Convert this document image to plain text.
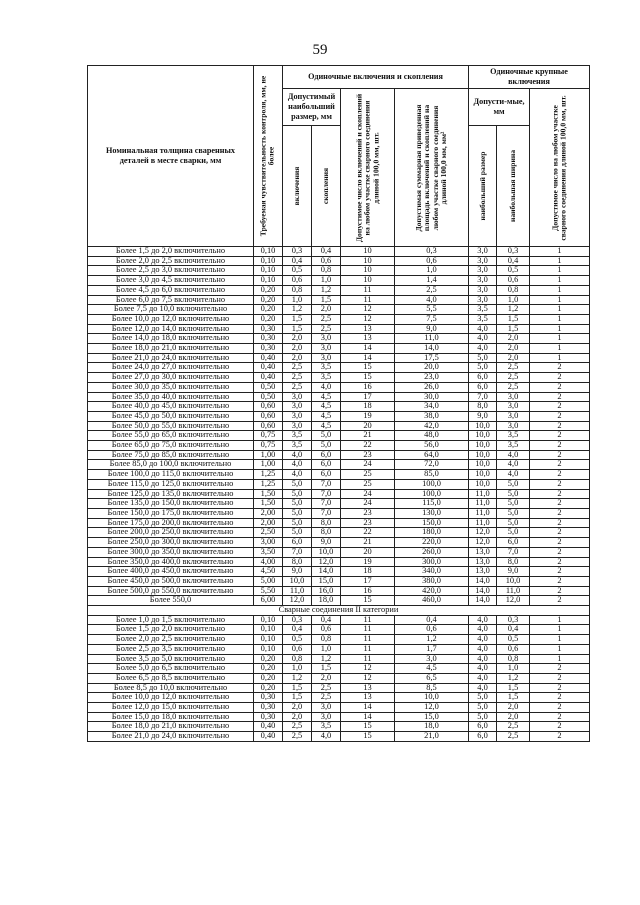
59
Номинальная толщина сваренных деталей в месте сварки, мм	Требуемая чувствительность контроля, мм, не более	Одиночные включения и скопления				Одиночные крупные включения		
		Допустимый наибольший размер, мм		Допустимое число включений и скоплений на любом участке сварного соединения длиной 100,0 мм, шт.	Допустимая суммарная приведенная площадь включений и скоплений на любом участке сварного соединения длиной 100,0 мм, мм²	Допусти-мые, мм		Допустимое число на любом участке сварного соединения длиной 100,0 мм, шт.

		включения	скопления			наибольший размер	наибольшая ширина	

Более 1,5 до 2,0 включительно	0,10	0,3	0,4	10	0,3	3,0	0,3	1
Более 2,0 до 2,5 включительно	0,10	0,4	0,6	10	0,6	3,0	0,4	1
Более 2,5 до 3,0 включительно	0,10	0,5	0,8	10	1,0	3,0	0,5	1
Более 3,0 до 4,5 включительно	0,10	0,6	1,0	10	1,4	3,0	0,6	1
Более 4,5 до 6,0 включительно	0,20	0,8	1,2	11	2,5	3,0	0,8	1
Более 6,0 до 7,5 включительно	0,20	1,0	1,5	11	4,0	3,0	1,0	1
Более 7,5 до 10,0 включительно	0,20	1,2	2,0	12	5,5	3,5	1,2	1
Более 10,0 до 12,0 включительно	0,20	1,5	2,5	12	7,5	3,5	1,5	1
Более 12,0 до 14,0 включительно	0,30	1,5	2,5	13	9,0	4,0	1,5	1
Более 14,0 до 18,0 включительно	0,30	2,0	3,0	13	11,0	4,0	2,0	1
Более 18,0 до 21,0 включительно	0,30	2,0	3,0	14	14,0	4,0	2,0	1
Более 21,0 до 24,0 включительно	0,40	2,0	3,0	14	17,5	5,0	2,0	1
Более 24,0 до 27,0 включительно	0,40	2,5	3,5	15	20,0	5,0	2,5	2
Более 27,0 до 30,0 включительно	0,40	2,5	3,5	15	23,0	6,0	2,5	2
Более 30,0 до 35,0 включительно	0,50	2,5	4,0	16	26,0	6,0	2,5	2
Более 35,0 до 40,0 включительно	0,50	3,0	4,5	17	30,0	7,0	3,0	2
Более 40,0 до 45,0 включительно	0,60	3,0	4,5	18	34,0	8,0	3,0	2
Более 45,0 до 50,0 включительно	0,60	3,0	4,5	19	38,0	9,0	3,0	2
Более 50,0 до 55,0 включительно	0,60	3,0	4,5	20	42,0	10,0	3,0	2
Более 55,0 до 65,0 включительно	0,75	3,5	5,0	21	48,0	10,0	3,5	2
Более 65,0 до 75,0 включительно	0,75	3,5	5,0	22	56,0	10,0	3,5	2
Более 75,0 до 85,0 включительно	1,00	4,0	6,0	23	64,0	10,0	4,0	2
Более 85,0 до 100,0 включительно	1,00	4,0	6,0	24	72,0	10,0	4,0	2
Более 100,0 до 115,0 включительно	1,25	4,0	6,0	25	85,0	10,0	4,0	2
Более 115,0 до 125,0 включительно	1,25	5,0	7,0	25	100,0	10,0	5,0	2
Более 125,0 до 135,0 включительно	1,50	5,0	7,0	24	100,0	11,0	5,0	2
Более 135,0 до 150,0 включительно	1,50	5,0	7,0	24	115,0	11,0	5,0	2
Более 150,0 до 175,0 включительно	2,00	5,0	7,0	23	130,0	11,0	5,0	2
Более 175,0 до 200,0 включительно	2,00	5,0	8,0	23	150,0	11,0	5,0	2
Более 200,0 до 250,0 включительно	2,50	5,0	8,0	22	180,0	12,0	5,0	2
Более 250,0 до 300,0 включительно	3,00	6,0	9,0	21	220,0	12,0	6,0	2
Более 300,0 до 350,0 включительно	3,50	7,0	10,0	20	260,0	13,0	7,0	2
Более 350,0 до 400,0 включительно	4,00	8,0	12,0	19	300,0	13,0	8,0	2
Более 400,0 до 450,0 включительно	4,50	9,0	14,0	18	340,0	13,0	9,0	2
Более 450,0 до 500,0 включительно	5,00	10,0	15,0	17	380,0	14,0	10,0	2
Более 500,0 до 550,0 включительно	5,50	11,0	16,0	16	420,0	14,0	11,0	2
Более 550,0	6,00	12,0	18,0	15	460,0	14,0	12,0	2
Сварные соединения II категории								
Более 1,0 до 1,5 включительно	0,10	0,3	0,4	11	0,4	4,0	0,3	1
Более 1,5 до 2,0 включительно	0,10	0,4	0,6	11	0,6	4,0	0,4	1
Более 2,0 до 2,5 включительно	0,10	0,5	0,8	11	1,2	4,0	0,5	1
Более 2,5 до 3,5 включительно	0,10	0,6	1,0	11	1,7	4,0	0,6	1
Более 3,5 до 5,0 включительно	0,20	0,8	1,2	11	3,0	4,0	0,8	1
Более 5,0 до 6,5 включительно	0,20	1,0	1,5	12	4,5	4,0	1,0	2
Более 6,5 до 8,5 включительно	0,20	1,2	2,0	12	6,5	4,0	1,2	2
Более 8,5 до 10,0 включительно	0,20	1,5	2,5	13	8,5	4,0	1,5	2
Более 10,0 до 12,0 включительно	0,30	1,5	2,5	13	10,0	5,0	1,5	2
Более 12,0 до 15,0 включительно	0,30	2,0	3,0	14	12,0	5,0	2,0	2
Более 15,0 до 18,0 включительно	0,30	2,0	3,0	14	15,0	5,0	2,0	2
Более 18,0 до 21,0 включительно	0,40	2,5	3,5	15	18,0	6,0	2,5	2
Более 21,0 до 24,0 включительно	0,40	2,5	4,0	15	21,0	6,0	2,5	2
